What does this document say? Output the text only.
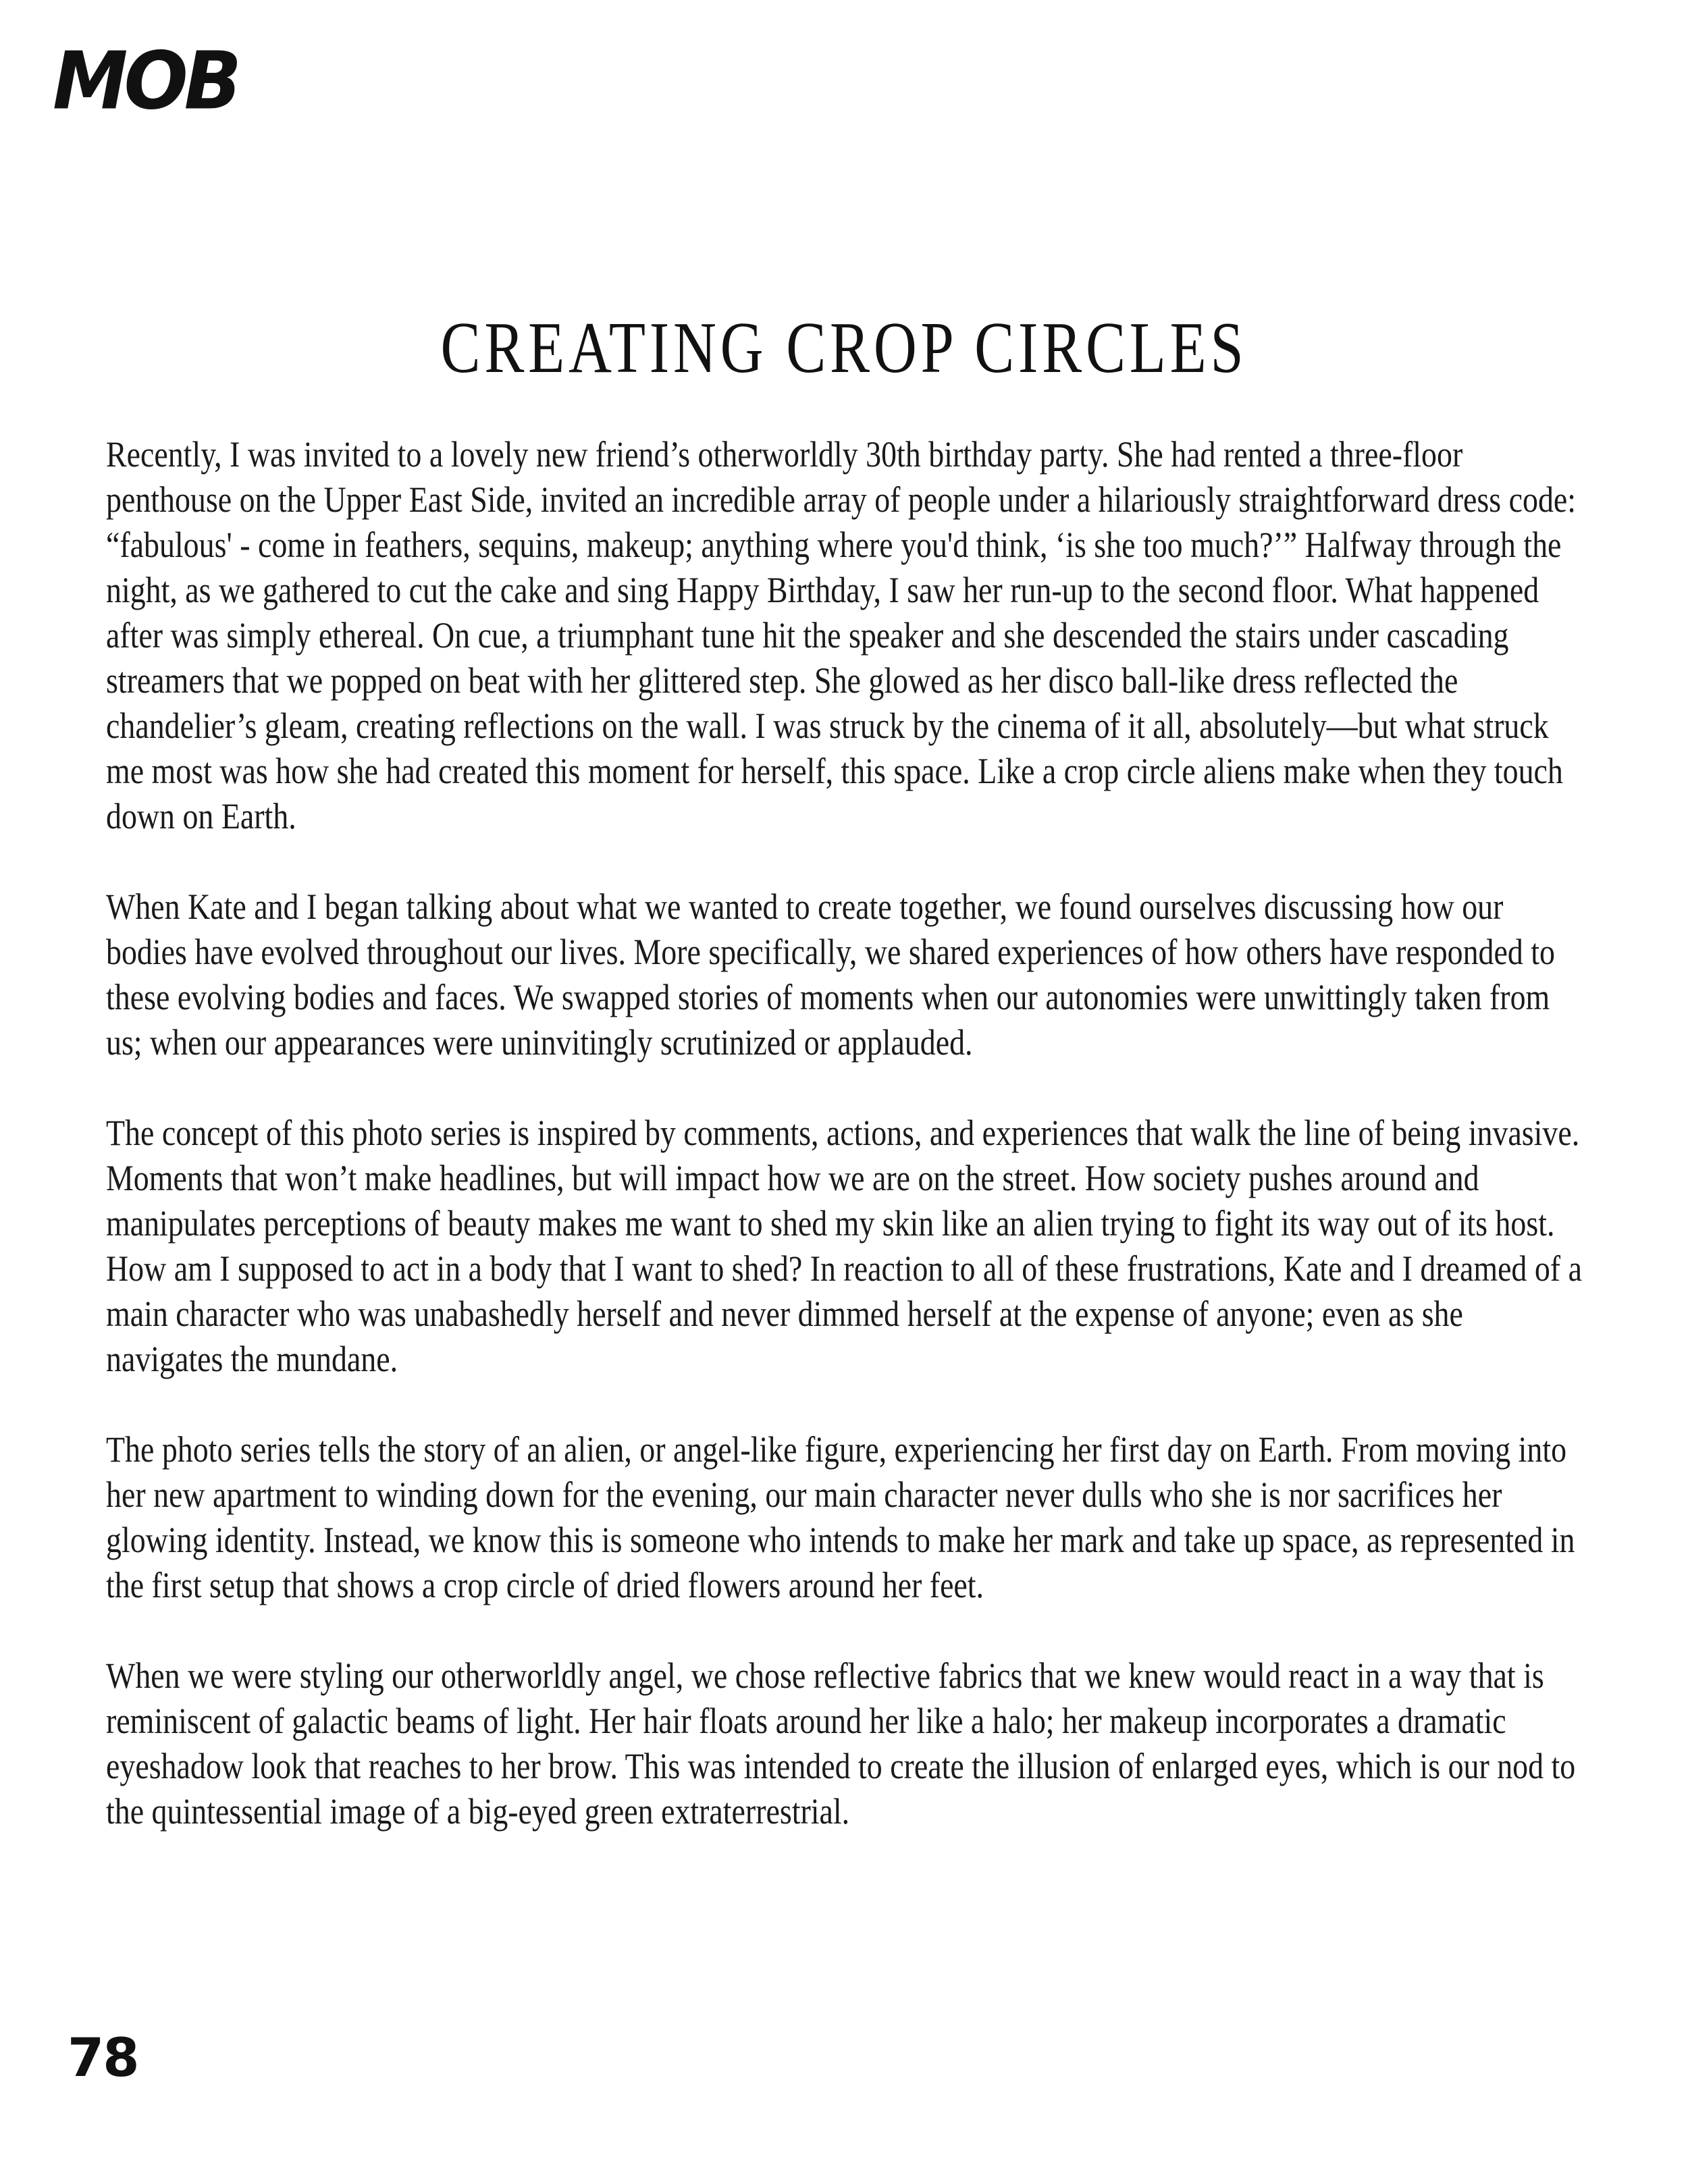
MOB
CREATING CROP CIRCLES

Recently, I was invited to a lovely new friend’s otherworldly 30th birthday party. She had rented a three-floor penthouse on the Upper East Side, invited an incredible array of people under a hilariously straightforward dress code: “fabulous' - come in feathers, sequins, makeup; anything where you'd think, ‘is she too much?’” Halfway through the night, as we gathered to cut the cake and sing Happy Birthday, I saw her run-up to the second floor. What happened after was simply ethereal. On cue, a triumphant tune hit the speaker and she descended the stairs under cascading streamers that we popped on beat with her glittered step. She glowed as her disco ball-like dress reflected the chandelier’s gleam, creating reflections on the wall. I was struck by the cinema of it all, absolutely—but what struck me most was how she had created this moment for herself, this space. Like a crop circle aliens make when they touch down on Earth.

When Kate and I began talking about what we wanted to create together, we found ourselves discussing how our bodies have evolved throughout our lives. More specifically, we shared experiences of how others have responded to these evolving bodies and faces. We swapped stories of moments when our autonomies were unwittingly taken from us; when our appearances were uninvitingly scrutinized or applauded.

The concept of this photo series is inspired by comments, actions, and experiences that walk the line of being invasive. Moments that won’t make headlines, but will impact how we are on the street. How society pushes around and manipulates perceptions of beauty makes me want to shed my skin like an alien trying to fight its way out of its host. How am I supposed to act in a body that I want to shed? In reaction to all of these frustrations, Kate and I dreamed of a main character who was unabashedly herself and never dimmed herself at the expense of anyone; even as she navigates the mundane.

The photo series tells the story of an alien, or angel-like figure, experiencing her first day on Earth. From moving into her new apartment to winding down for the evening, our main character never dulls who she is nor sacrifices her glowing identity. Instead, we know this is someone who intends to make her mark and take up space, as represented in the first setup that shows a crop circle of dried flowers around her feet.

When we were styling our otherworldly angel, we chose reflective fabrics that we knew would react in a way that is reminiscent of galactic beams of light. Her hair floats around her like a halo; her makeup incorporates a dramatic eyeshadow look that reaches to her brow. This was intended to create the illusion of enlarged eyes, which is our nod to the quintessential image of a big-eyed green extraterrestrial.

78
